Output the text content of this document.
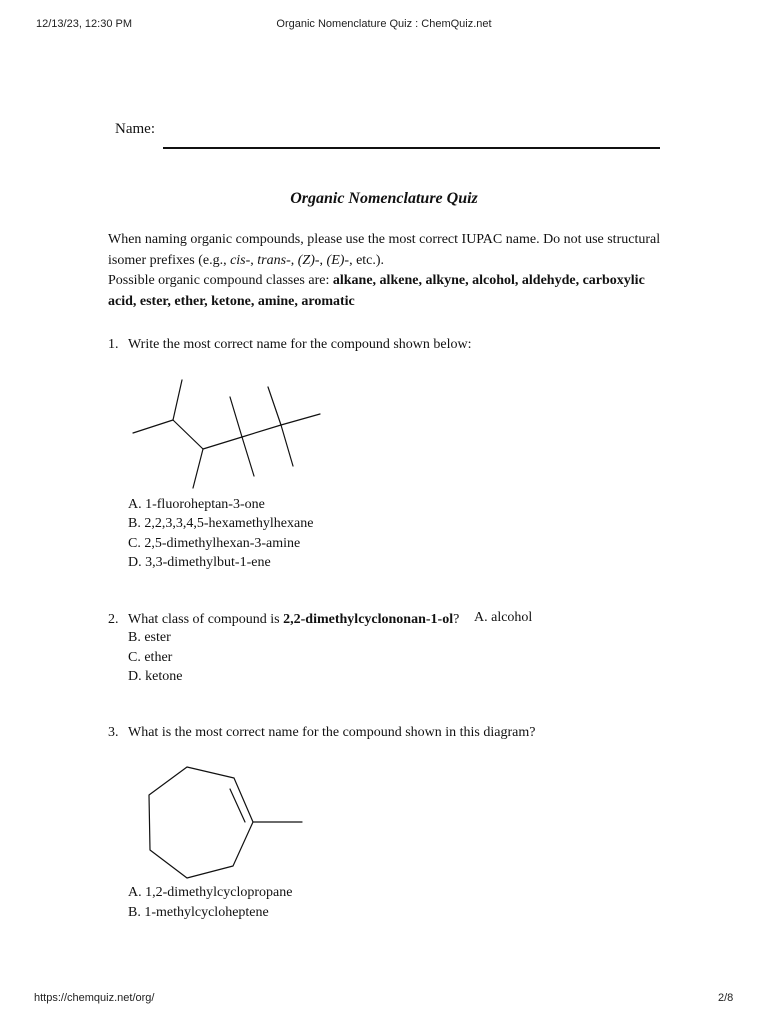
12/13/23, 12:30 PM	Organic Nomenclature Quiz : ChemQuiz.net
Name:
Organic Nomenclature Quiz
When naming organic compounds, please use the most correct IUPAC name. Do not use structural
isomer prefixes (e.g., cis-, trans-, (Z)-, (E)-, etc.).
Possible organic compound classes are: alkane, alkene, alkyne, alcohol, aldehyde, carboxylic
acid, ester, ether, ketone, amine, aromatic
1. Write the most correct name for the compound shown below:
A. 1-fluoroheptan-3-one
B. 2,2,3,3,4,5-hexamethylhexane
C. 2,5-dimethylhexan-3-amine
D. 3,3-dimethylbut-1-ene
2. What class of compound is 2,2-dimethylcyclononan-1-ol? A. alcohol
B. ester
C. ether
D. ketone
3. What is the most correct name for the compound shown in this diagram?
A. 1,2-dimethylcyclopropane
B. 1-methylcycloheptene
https://chemquiz.net/org/	2/8
